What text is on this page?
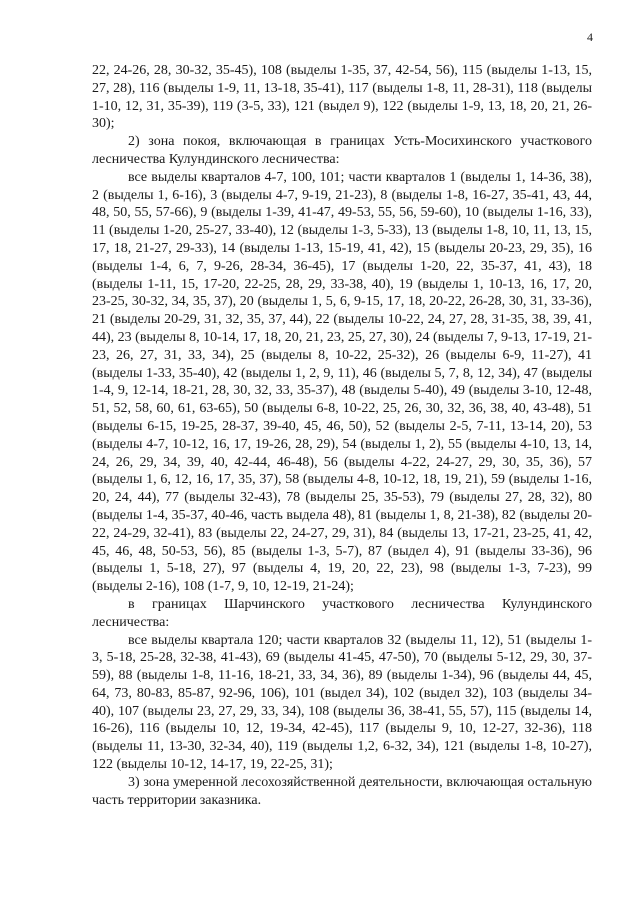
4

22, 24-26, 28, 30-32, 35-45), 108 (выделы 1-35, 37, 42-54, 56), 115 (выделы 1-13, 15, 27, 28), 116 (выделы 1-9, 11, 13-18, 35-41), 117 (выделы 1-8, 11, 28-31), 118 (выделы 1-10, 12, 31, 35-39), 119 (3-5, 33), 121 (выдел 9), 122 (выделы 1-9, 13, 18, 20, 21, 26-30);

2) зона покоя, включающая в границах Усть-Мосихинского участкового лесничества Кулундинского лесничества:

все выделы кварталов 4-7, 100, 101; части кварталов 1 (выделы 1, 14-36, 38), 2 (выделы 1, 6-16), 3 (выделы 4-7, 9-19, 21-23), 8 (выделы 1-8, 16-27, 35-41, 43, 44, 48, 50, 55, 57-66), 9 (выделы 1-39, 41-47, 49-53, 55, 56, 59-60), 10 (выделы 1-16, 33), 11 (выделы 1-20, 25-27, 33-40), 12 (выделы 1-3, 5-33), 13 (выделы 1-8, 10, 11, 13, 15, 17, 18, 21-27, 29-33), 14 (выделы 1-13, 15-19, 41, 42), 15 (выделы 20-23, 29, 35), 16 (выделы 1-4, 6, 7, 9-26, 28-34, 36-45), 17 (выделы 1-20, 22, 35-37, 41, 43), 18 (выделы 1-11, 15, 17-20, 22-25, 28, 29, 33-38, 40), 19 (выделы 1, 10-13, 16, 17, 20, 23-25, 30-32, 34, 35, 37), 20 (выделы 1, 5, 6, 9-15, 17, 18, 20-22, 26-28, 30, 31, 33-36), 21 (выделы 20-29, 31, 32, 35, 37, 44), 22 (выделы 10-22, 24, 27, 28, 31-35, 38, 39, 41, 44), 23 (выделы 8, 10-14, 17, 18, 20, 21, 23, 25, 27, 30), 24 (выделы 7, 9-13, 17-19, 21-23, 26, 27, 31, 33, 34), 25 (выделы 8, 10-22, 25-32), 26 (выделы 6-9, 11-27), 41 (выделы 1-33, 35-40), 42 (выделы 1, 2, 9, 11), 46 (выделы 5, 7, 8, 12, 34), 47 (выделы 1-4, 9, 12-14, 18-21, 28, 30, 32, 33, 35-37), 48 (выделы 5-40), 49 (выделы 3-10, 12-48, 51, 52, 58, 60, 61, 63-65), 50 (выделы 6-8, 10-22, 25, 26, 30, 32, 36, 38, 40, 43-48), 51 (выделы 6-15, 19-25, 28-37, 39-40, 45, 46, 50), 52 (выделы 2-5, 7-11, 13-14, 20), 53 (выделы 4-7, 10-12, 16, 17, 19-26, 28, 29), 54 (выделы 1, 2), 55 (выделы 4-10, 13, 14, 24, 26, 29, 34, 39, 40, 42-44, 46-48), 56 (выделы 4-22, 24-27, 29, 30, 35, 36), 57 (выделы 1, 6, 12, 16, 17, 35, 37), 58 (выделы 4-8, 10-12, 18, 19, 21), 59 (выделы 1-16, 20, 24, 44), 77 (выделы 32-43), 78 (выделы 25, 35-53), 79 (выделы 27, 28, 32), 80 (выделы 1-4, 35-37, 40-46, часть выдела 48), 81 (выделы 1, 8, 21-38), 82 (выделы 20-22, 24-29, 32-41), 83 (выделы 22, 24-27, 29, 31), 84 (выделы 13, 17-21, 23-25, 41, 42, 45, 46, 48, 50-53, 56), 85 (выделы 1-3, 5-7), 87 (выдел 4), 91 (выделы 33-36), 96 (выделы 1, 5-18, 27), 97 (выделы 4, 19, 20, 22, 23), 98 (выделы 1-3, 7-23), 99 (выделы 2-16), 108 (1-7, 9, 10, 12-19, 21-24);

в границах Шарчинского участкового лесничества Кулундинского лесничества:

все выделы квартала 120; части кварталов 32 (выделы 11, 12), 51 (выделы 1-3, 5-18, 25-28, 32-38, 41-43), 69 (выделы 41-45, 47-50), 70 (выделы 5-12, 29, 30, 37-59), 88 (выделы 1-8, 11-16, 18-21, 33, 34, 36), 89 (выделы 1-34), 96 (выделы 44, 45, 64, 73, 80-83, 85-87, 92-96, 106), 101 (выдел 34), 102 (выдел 32), 103 (выделы 34-40), 107 (выделы 23, 27, 29, 33, 34), 108 (выделы 36, 38-41, 55, 57), 115 (выделы 14, 16-26), 116 (выделы 10, 12, 19-34, 42-45), 117 (выделы 9, 10, 12-27, 32-36), 118 (выделы 11, 13-30, 32-34, 40), 119 (выделы 1,2, 6-32, 34), 121 (выделы 1-8, 10-27), 122 (выделы 10-12, 14-17, 19, 22-25, 31);

3) зона умеренной лесохозяйственной деятельности, включающая остальную часть территории заказника.
